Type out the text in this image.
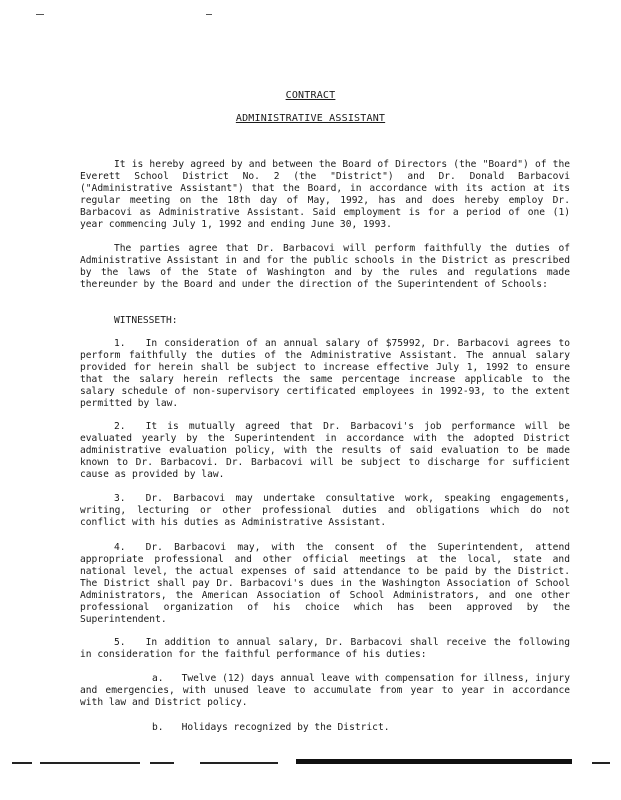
CONTRACT
ADMINISTRATIVE ASSISTANT

It is hereby agreed by and between the Board of Directors (the "Board") of the Everett School District No. 2 (the "District") and Dr. Donald Barbacovi ("Administrative Assistant") that the Board, in accordance with its action at its regular meeting on the 18th day of May, 1992, has and does hereby employ Dr. Barbacovi as Administrative Assistant. Said employment is for a period of one (1) year commencing July 1, 1992 and ending June 30, 1993.

The parties agree that Dr. Barbacovi will perform faithfully the duties of Administrative Assistant in and for the public schools in the District as prescribed by the laws of the State of Washington and by the rules and regulations made thereunder by the Board and under the direction of the Superintendent of Schools:

WITNESSETH:

1. In consideration of an annual salary of $75992, Dr. Barbacovi agrees to perform faithfully the duties of the Administrative Assistant. The annual salary provided for herein shall be subject to increase effective July 1, 1992 to ensure that the salary herein reflects the same percentage increase applicable to the salary schedule of non-supervisory certificated employees in 1992-93, to the extent permitted by law.

2. It is mutually agreed that Dr. Barbacovi's job performance will be evaluated yearly by the Superintendent in accordance with the adopted District administrative evaluation policy, with the results of said evaluation to be made known to Dr. Barbacovi. Dr. Barbacovi will be subject to discharge for sufficient cause as provided by law.

3. Dr. Barbacovi may undertake consultative work, speaking engagements, writing, lecturing or other professional duties and obligations which do not conflict with his duties as Administrative Assistant.

4. Dr. Barbacovi may, with the consent of the Superintendent, attend appropriate professional and other official meetings at the local, state and national level, the actual expenses of said attendance to be paid by the District. The District shall pay Dr. Barbacovi's dues in the Washington Association of School Administrators, the American Association of School Administrators, and one other professional organization of his choice which has been approved by the Superintendent.

5. In addition to annual salary, Dr. Barbacovi shall receive the following in consideration for the faithful performance of his duties:

a. Twelve (12) days annual leave with compensation for illness, injury and emergencies, with unused leave to accumulate from year to year in accordance with law and District policy.

b. Holidays recognized by the District.
